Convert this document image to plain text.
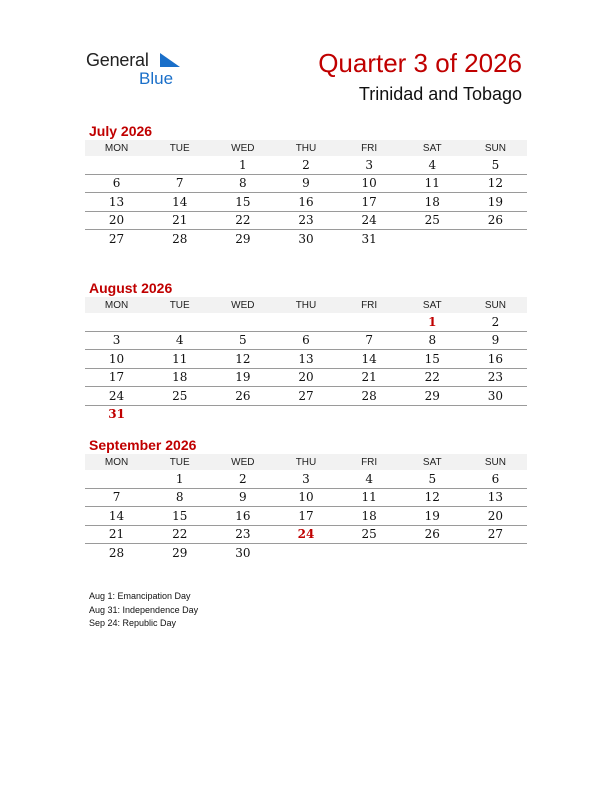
General
Blue
Quarter 3 of 2026
Trinidad and Tobago
July 2026
MON	TUE	WED	THU	FRI	SAT	SUN
		1	2	3	4	5
6	7	8	9	10	11	12
13	14	15	16	17	18	19
20	21	22	23	24	25	26
27	28	29	30	31		
August 2026
MON	TUE	WED	THU	FRI	SAT	SUN
					1	2
3	4	5	6	7	8	9
10	11	12	13	14	15	16
17	18	19	20	21	22	23
24	25	26	27	28	29	30
31						
September 2026
MON	TUE	WED	THU	FRI	SAT	SUN
	1	2	3	4	5	6
7	8	9	10	11	12	13
14	15	16	17	18	19	20
21	22	23	24	25	26	27
28	29	30				
Aug 1: Emancipation Day
Aug 31: Independence Day
Sep 24: Republic Day
